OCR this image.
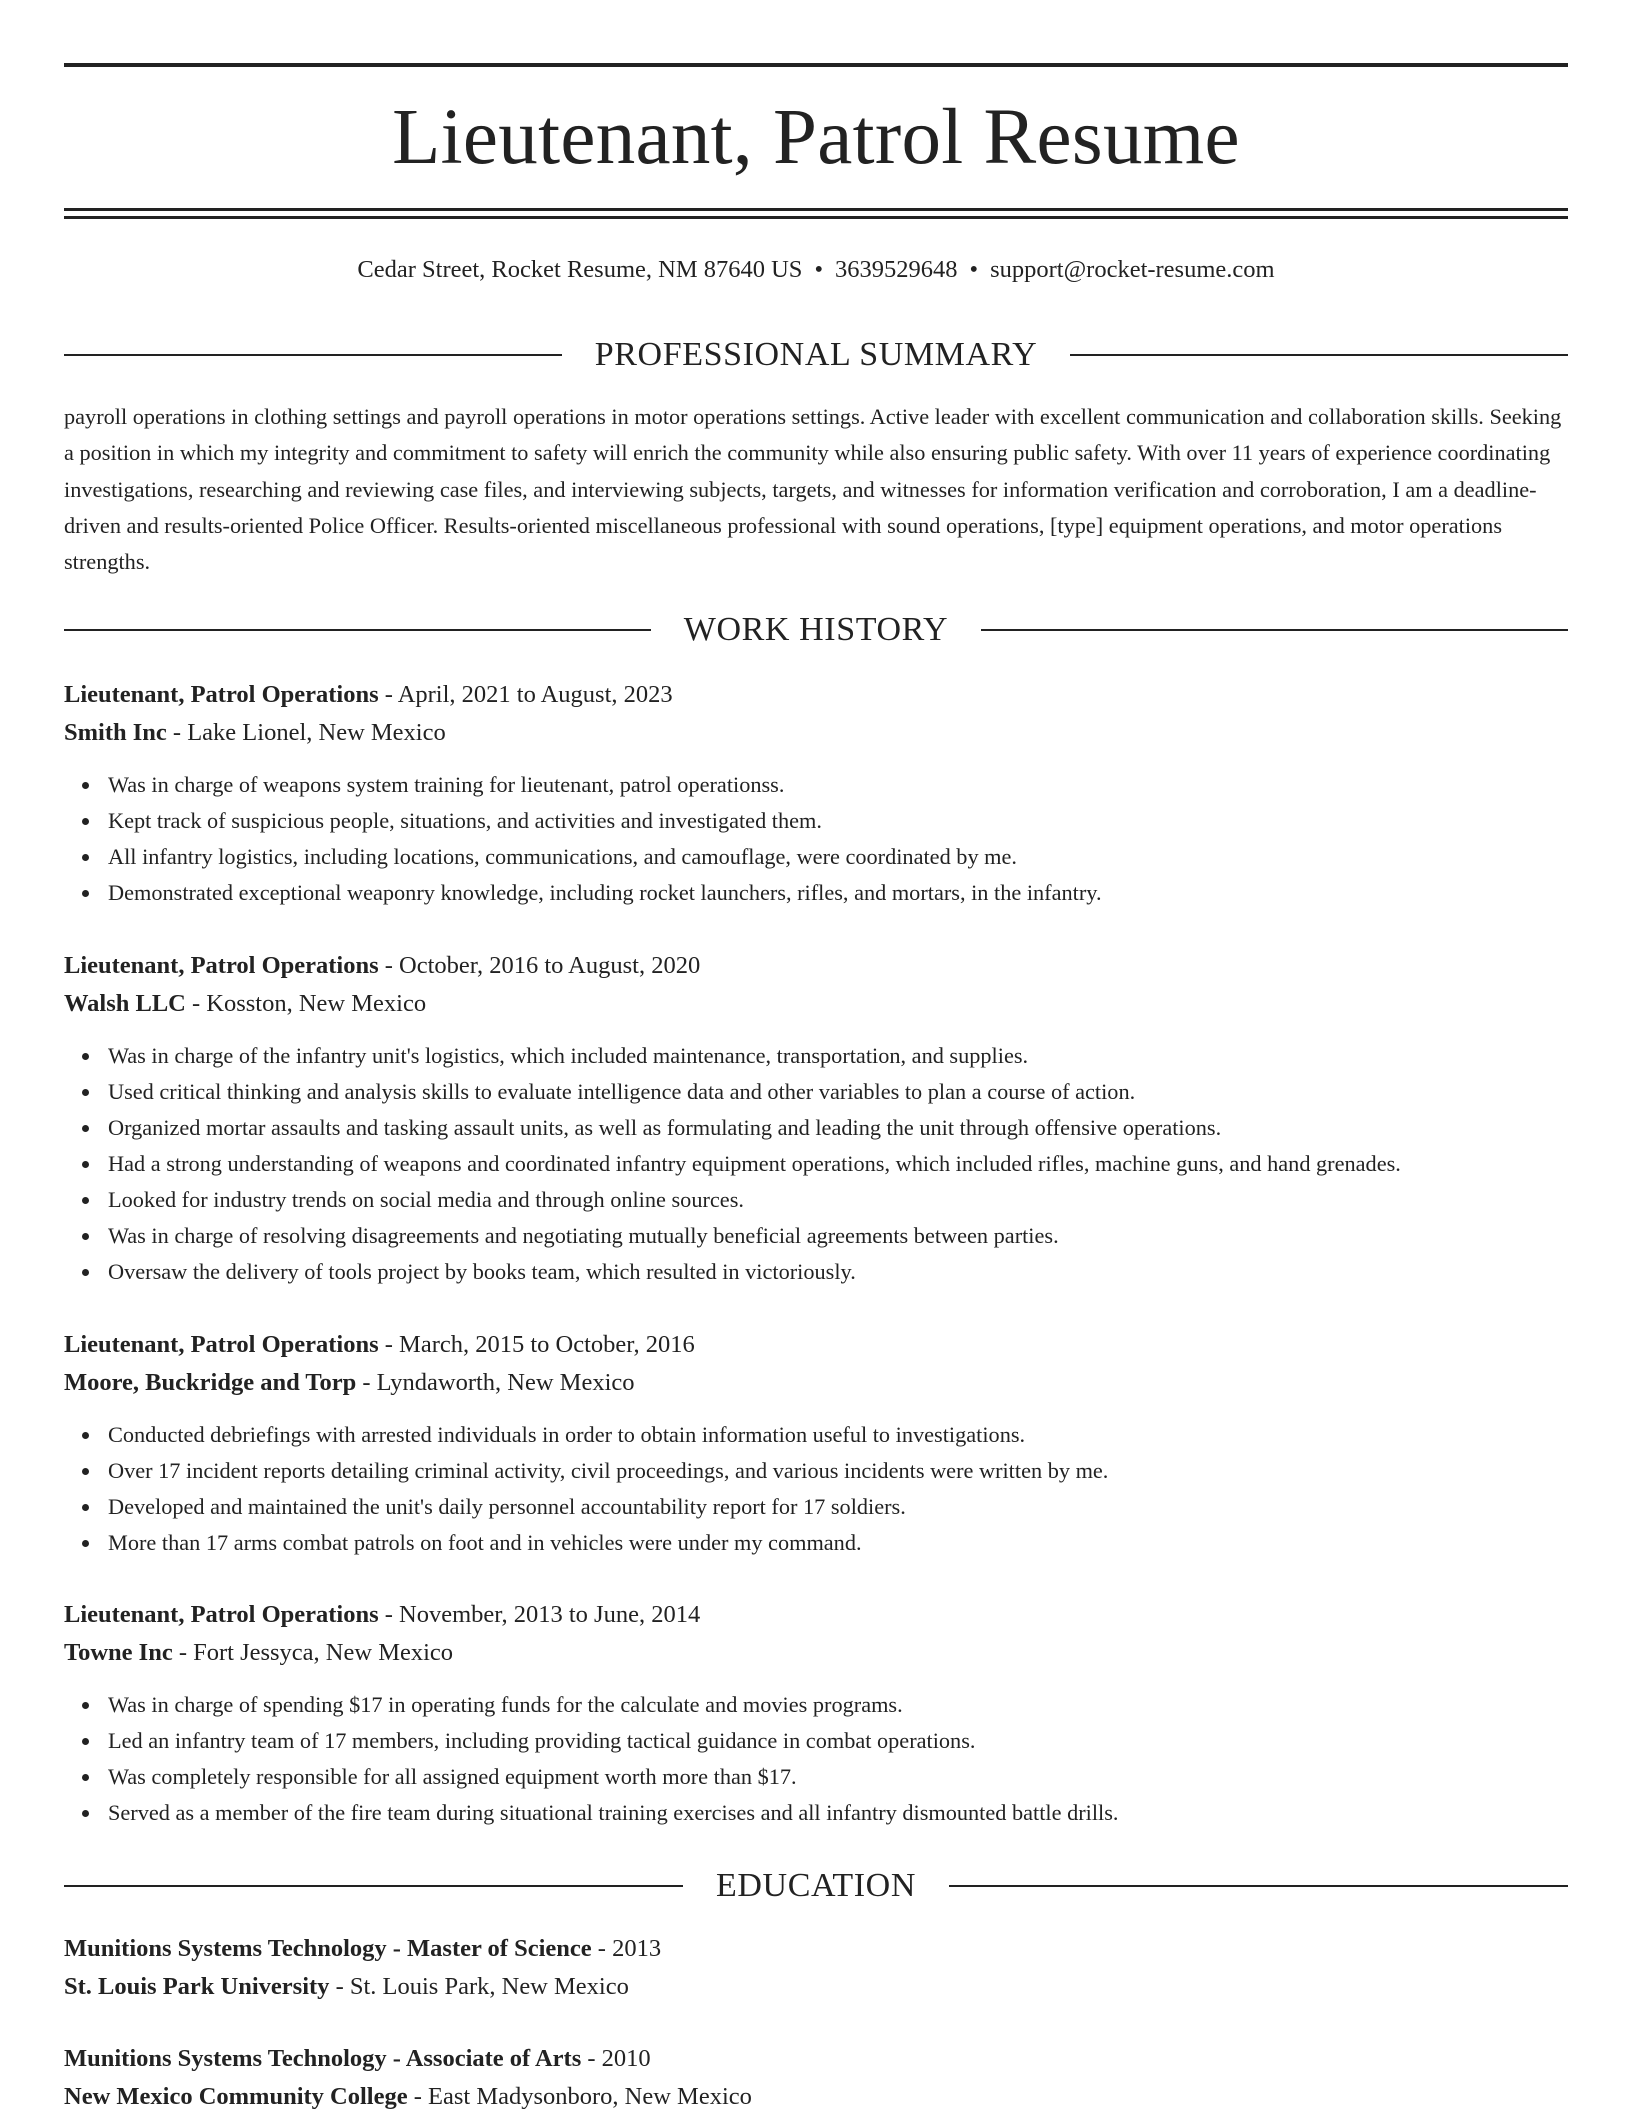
Lieutenant, Patrol Resume
Cedar Street, Rocket Resume, NM 87640 US • 3639529648 • support@rocket-resume.com
PROFESSIONAL SUMMARY

payroll operations in clothing settings and payroll operations in motor operations settings. Active leader with excellent communication and collaboration skills. Seeking a position in which my integrity and commitment to safety will enrich the community while also ensuring public safety. With over 11 years of experience coordinating investigations, researching and reviewing case files, and interviewing subjects, targets, and witnesses for information verification and corroboration, I am a deadline-driven and results-oriented Police Officer. Results-oriented miscellaneous professional with sound operations, [type] equipment operations, and motor operations strengths.

WORK HISTORY
Lieutenant, Patrol Operations - April, 2021 to August, 2023
Smith Inc - Lake Lionel, New Mexico
Was in charge of weapons system training for lieutenant, patrol operationss.
Kept track of suspicious people, situations, and activities and investigated them.
All infantry logistics, including locations, communications, and camouflage, were coordinated by me.
Demonstrated exceptional weaponry knowledge, including rocket launchers, rifles, and mortars, in the infantry.
Lieutenant, Patrol Operations - October, 2016 to August, 2020
Walsh LLC - Kosston, New Mexico
Was in charge of the infantry unit's logistics, which included maintenance, transportation, and supplies.
Used critical thinking and analysis skills to evaluate intelligence data and other variables to plan a course of action.
Organized mortar assaults and tasking assault units, as well as formulating and leading the unit through offensive operations.
Had a strong understanding of weapons and coordinated infantry equipment operations, which included rifles, machine guns, and hand grenades.
Looked for industry trends on social media and through online sources.
Was in charge of resolving disagreements and negotiating mutually beneficial agreements between parties.
Oversaw the delivery of tools project by books team, which resulted in victoriously.
Lieutenant, Patrol Operations - March, 2015 to October, 2016
Moore, Buckridge and Torp - Lyndaworth, New Mexico
Conducted debriefings with arrested individuals in order to obtain information useful to investigations.
Over 17 incident reports detailing criminal activity, civil proceedings, and various incidents were written by me.
Developed and maintained the unit's daily personnel accountability report for 17 soldiers.
More than 17 arms combat patrols on foot and in vehicles were under my command.
Lieutenant, Patrol Operations - November, 2013 to June, 2014
Towne Inc - Fort Jessyca, New Mexico
Was in charge of spending $17 in operating funds for the calculate and movies programs.
Led an infantry team of 17 members, including providing tactical guidance in combat operations.
Was completely responsible for all assigned equipment worth more than $17.
Served as a member of the fire team during situational training exercises and all infantry dismounted battle drills.
EDUCATION
Munitions Systems Technology - Master of Science - 2013
St. Louis Park University - St. Louis Park, New Mexico
Munitions Systems Technology - Associate of Arts - 2010
New Mexico Community College - East Madysonboro, New Mexico
